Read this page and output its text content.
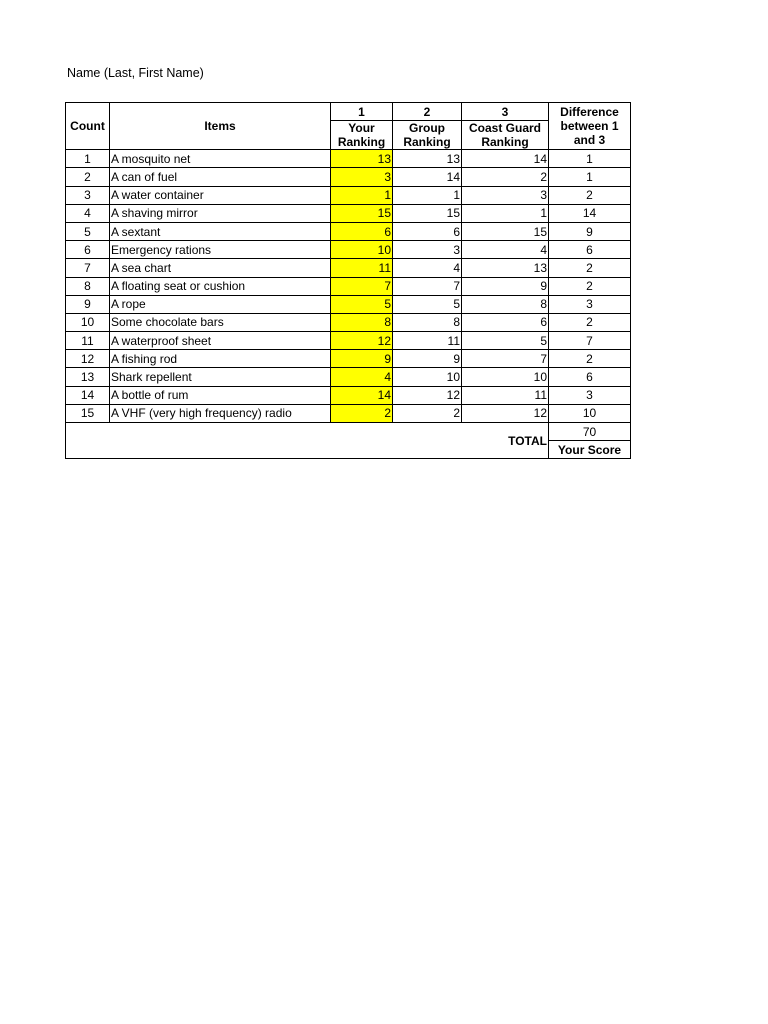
Name (Last, First Name)
Count	Items	1	2	3	Difference between 1 and 3
		Your Ranking	Group Ranking	Coast Guard Ranking	
1	A mosquito net	13	13	14	1
2	A can of fuel	3	14	2	1
3	A water container	1	1	3	2
4	A shaving mirror	15	15	1	14
5	A sextant	6	6	15	9
6	Emergency rations	10	3	4	6
7	A sea chart	11	4	13	2
8	A floating seat or cushion	7	7	9	2
9	A rope	5	5	8	3
10	Some chocolate bars	8	8	6	2
11	A waterproof sheet	12	11	5	7
12	A fishing rod	9	9	7	2
13	Shark repellent	4	10	10	6
14	A bottle of rum	14	12	11	3
15	A VHF (very high frequency) radio	2	2	12	10
TOTAL					70
					Your Score
